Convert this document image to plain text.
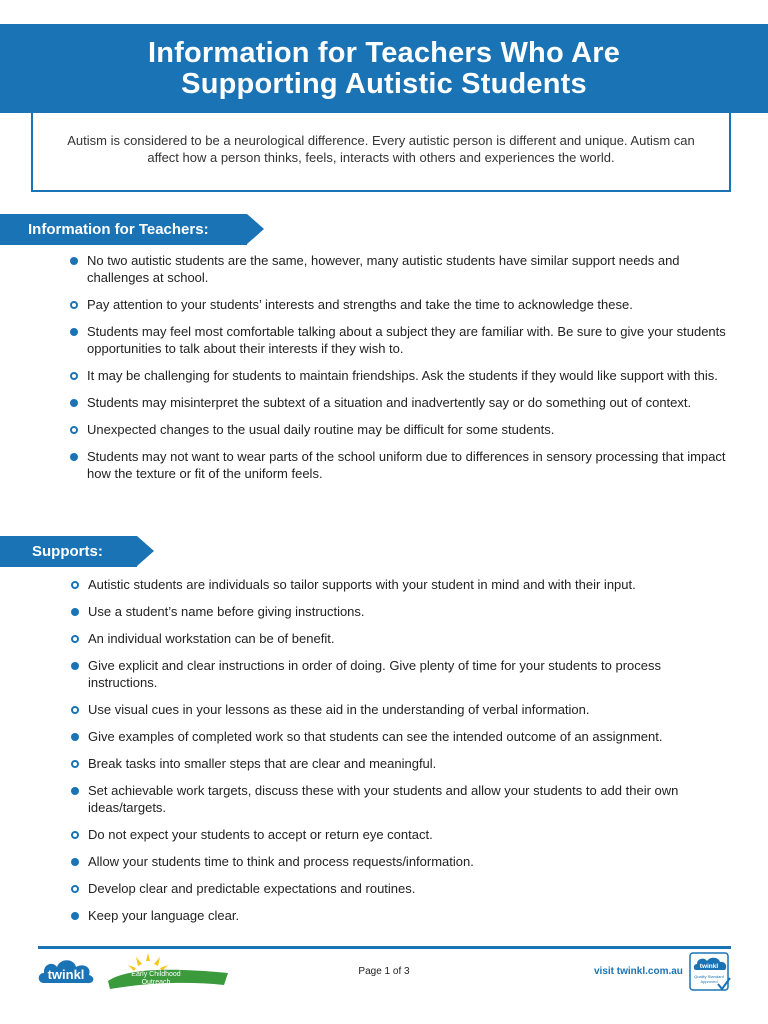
Information for Teachers Who Are
Supporting Autistic Students
Autism is considered to be a neurological difference. Every autistic person is different and unique. Autism can affect how a person thinks, feels, interacts with others and experiences the world.
Information for Teachers:
No two autistic students are the same, however, many autistic students have similar support needs and challenges at school.
Pay attention to your students’ interests and strengths and take the time to acknowledge these.
Students may feel most comfortable talking about a subject they are familiar with. Be sure to give your students opportunities to talk about their interests if they wish to.
It may be challenging for students to maintain friendships. Ask the students if they would like support with this.
Students may misinterpret the subtext of a situation and inadvertently say or do something out of context.
Unexpected changes to the usual daily routine may be difficult for some students.
Students may not want to wear parts of the school uniform due to differences in sensory processing that impact how the texture or fit of the uniform feels.
Supports:
Autistic students are individuals so tailor supports with your student in mind and with their input.
Use a student’s name before giving instructions.
An individual workstation can be of benefit.
Give explicit and clear instructions in order of doing. Give plenty of time for your students to process instructions.
Use visual cues in your lessons as these aid in the understanding of verbal information.
Give examples of completed work so that students can see the intended outcome of an assignment.
Break tasks into smaller steps that are clear and meaningful.
Set achievable work targets, discuss these with your students and allow your students to add their own ideas/targets.
Do not expect your students to accept or return eye contact.
Allow your students time to think and process requests/information.
Develop clear and predictable expectations and routines.
Keep your language clear.
twinkl	Early Childhood
Outreach
Page 1 of 3	visit twinkl.com.au	twinkl
Quality Standard
Approved
